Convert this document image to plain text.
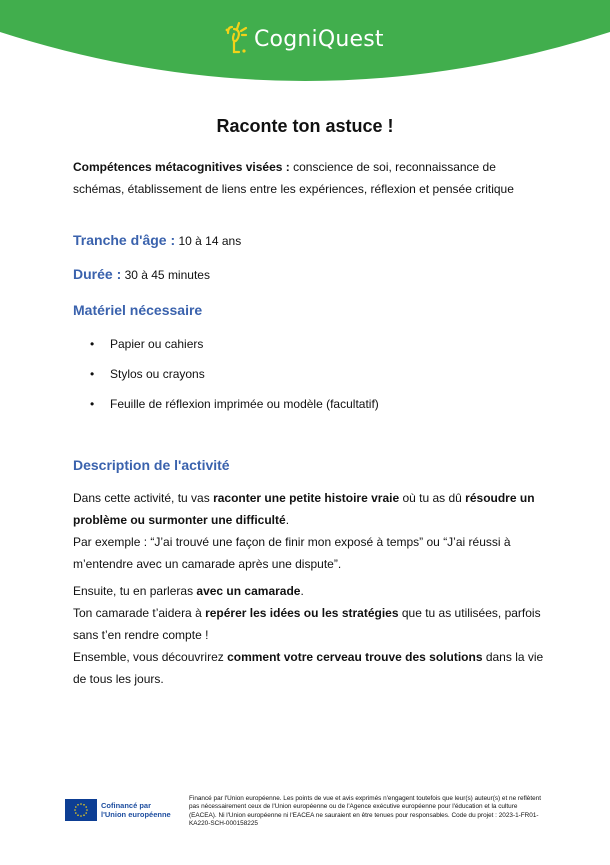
CogniQuest
Raconte ton astuce !
Compétences métacognitives visées : conscience de soi, reconnaissance de schémas, établissement de liens entre les expériences, réflexion et pensée critique
Tranche d'âge : 10 à 14 ans
Durée : 30 à 45 minutes
Matériel nécessaire
•	Papier ou cahiers
•	Stylos ou crayons
•	Feuille de réflexion imprimée ou modèle (facultatif)
Description de l'activité
Dans cette activité, tu vas raconter une petite histoire vraie où tu as dû résoudre un problème ou surmonter une difficulté.
Par exemple : “J’ai trouvé une façon de finir mon exposé à temps” ou “J’ai réussi à m’entendre avec un camarade après une dispute”.
Ensuite, tu en parleras avec un camarade.
Ton camarade t’aidera à repérer les idées ou les stratégies que tu as utilisées, parfois sans t’en rendre compte !
Ensemble, vous découvrirez comment votre cerveau trouve des solutions dans la vie de tous les jours.
Cofinancé par
l'Union européenne
Financé par l'Union européenne. Les points de vue et avis exprimés n'engagent toutefois que leur(s) auteur(s) et ne reflètent pas nécessairement ceux de l'Union européenne ou de l'Agence exécutive européenne pour l'éducation et la culture (EACEA). Ni l'Union européenne ni l'EACEA ne sauraient en être tenues pour responsables. Code du projet : 2023-1-FR01-KA220-SCH-000158225
